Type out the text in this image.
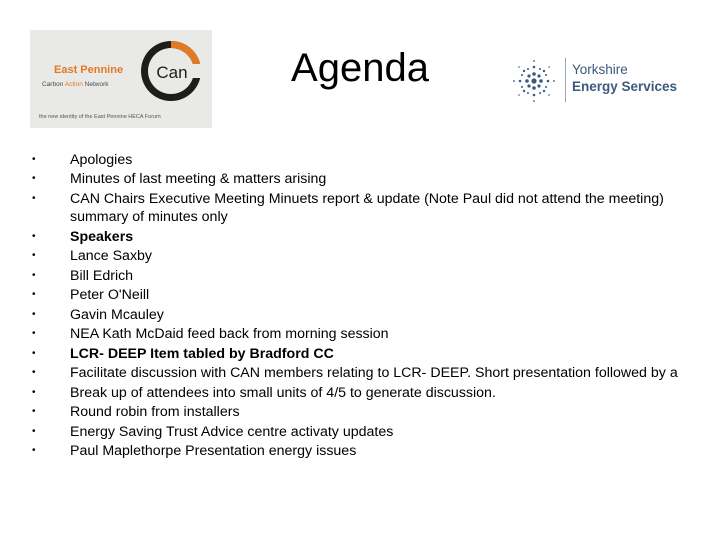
East Pennine
Carbon Action Network
the new identity of the East Pennine HECA Forum
Can	Agenda	Yorkshire
Energy Services
• Apologies
• Minutes of last meeting & matters arising
• CAN Chairs Executive Meeting Minuets report & update (Note Paul did not attend the meeting) summary of minutes only
• Speakers
• Lance Saxby
• Bill Edrich
• Peter O'Neill
• Gavin Mcauley
• NEA Kath McDaid feed back from morning session
• LCR- DEEP Item tabled by Bradford CC
• Facilitate discussion with CAN members relating to LCR- DEEP. Short presentation followed by a
• Break up of attendees into small units of 4/5 to generate discussion.
• Round robin from installers
• Energy Saving Trust Advice centre activaty updates
• Paul Maplethorpe Presentation energy issues
